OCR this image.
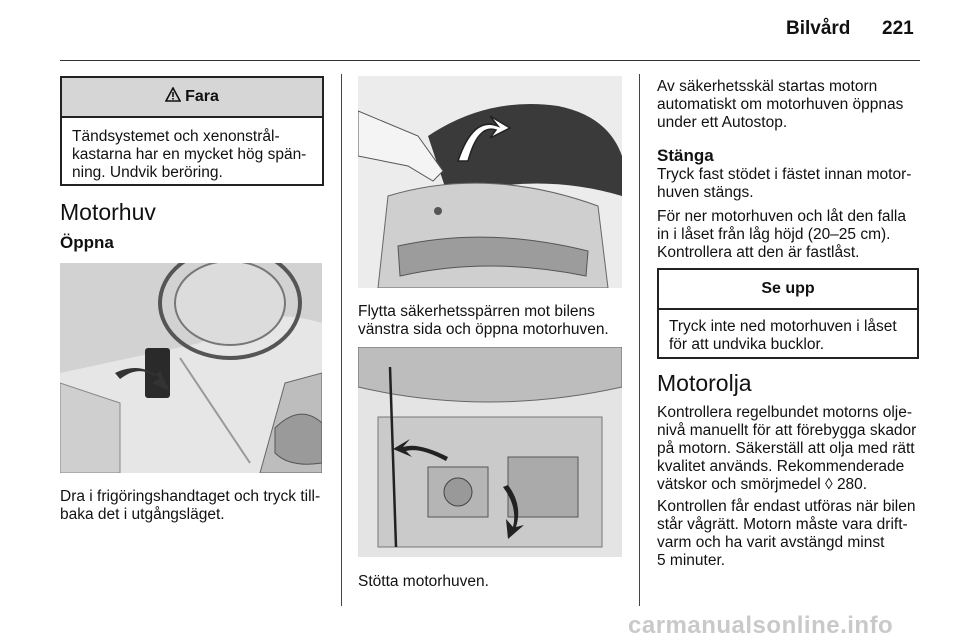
Bilvård 221
Fara
Tändsystemet och xenonstrål-
kastarna har en mycket hög spän-
ning. Undvik beröring.
Motorhuv
Öppna
Dra i frigöringshandtaget och tryck till-
baka det i utgångsläget.
Flytta säkerhetsspärren mot bilens
vänstra sida och öppna motorhuven.
Stötta motorhuven.
Av säkerhetsskäl startas motorn
automatiskt om motorhuven öppnas
under ett Autostop.
Stänga
Tryck fast stödet i fästet innan motor-
huven stängs.
För ner motorhuven och låt den falla
in i låset från låg höjd (20–25 cm).
Kontrollera att den är fastlåst.
Se upp
Tryck inte ned motorhuven i låset
för att undvika bucklor.
Motorolja
Kontrollera regelbundet motorns olje-
nivå manuellt för att förebygga skador
på motorn. Säkerställ att olja med rätt
kvalitet används. Rekommenderade
vätskor och smörjmedel ◊ 280.
Kontrollen får endast utföras när bilen
står vågrätt. Motorn måste vara drift-
varm och ha varit avstängd minst
5 minuter.
carmanualsonline.info
